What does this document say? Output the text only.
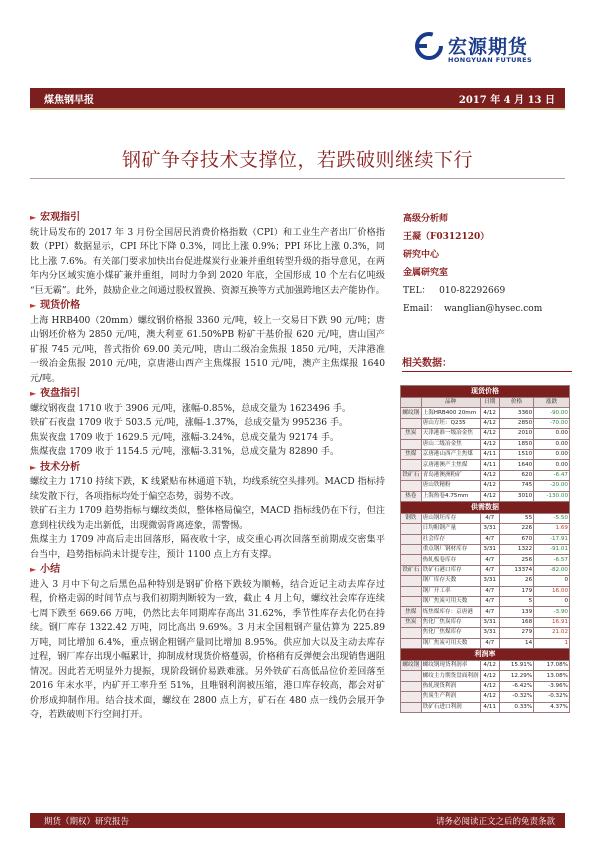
宏源期货
HONGYUAN FUTURES
煤焦钢早报	2017 年 4 月 13 日
钢矿争夺技术支撑位，若跌破则继续下行

► 宏观指引

统计局发布的 2017 年 3 月份全国居民消费价格指数（CPI）和工业生产者出厂价格指数（PPI）数据显示，CPI 环比下降 0.3%，同比上涨 0.9%；PPI 环比上涨 0.3%，同比上涨 7.6%。有关部门要求加快出台促进煤炭行业兼并重组转型升级的指导意见，在两年内分区域实施小煤矿兼并重组，同时力争到 2020 年底，全国形成 10 个左右亿吨级 “巨无霸”。此外，鼓励企业之间通过股权置换、资源互换等方式加强跨地区去产能协作。

► 现货价格

上海 HRB400（20mm）螺纹钢价格报 3360 元/吨，较上一交易日下跌 90 元/吨；唐山钢坯价格为 2850 元/吨，澳大利亚 61.50%PB 粉矿干基价报 620 元/吨，唐山国产矿报 745 元/吨，普式指价 69.00 美元/吨，唐山二级冶金焦报 1850 元/吨，天津港准一级冶金焦报 2010 元/吨，京唐港山西产主焦煤报 1510 元/吨，澳产主焦煤报 1640 元/吨。

► 夜盘指引

螺纹钢夜盘 1710 收于 3906 元/吨，涨幅-0.85%，总成交量为 1623496 手。

铁矿石夜盘 1709 收于 503.5 元/吨，涨幅-1.37%，总成交量为 995236 手。

焦炭夜盘 1709 收于 1629.5 元/吨，涨幅-3.24%，总成交量为 92174 手。

焦煤夜盘 1709 收于 1154.5 元/吨，涨幅-3.31%，总成交量为 82890 手。

► 技术分析

螺纹主力 1710 持续下跌，K 线紧贴布林通道下轨，均线系统空头排列。MACD 指标持续发散下行，各项指标均处于偏空态势，弱势不改。

铁矿石主力 1709 趋势指标与螺纹类似，整体格局偏空，MACD 指标线仍在下行，但注意到柱状线为走出新低，出现微弱背离迹象，需警惕。

焦煤主力 1709 冲高后走出回落形，隔夜收十字，成交重心再次回落至前期成交密集平台当中，趋势指标尚未计提专注，预计 1100 点上方有支撑。

► 小结

进入 3 月中下旬之后黑色品种特别是钢矿价格下跌较为顺畅，结合近记主动去库存过程，价格走弱的时间节点与我们初期判断较为一致，截止 4 月上旬，螺纹社会库存连续七周下跌至 669.66 万吨，仍然比去年同期库存高出 31.62%，季节性库存去化仍在持续。钢厂库存 1322.42 万吨，同比高出 9.69%。3 月末全国粗钢产量估算为 225.89 万吨，同比增加 6.4%，重点钢企粗钢产量同比增加 8.95%。供应加大以及主动去库存过程，钢厂库存出现小幅累计，抑制成材现货价格蔓弱，价格稍有反弹便会出现销售遇阻情况。因此若无明显外力提振，现阶段钢价易跌难涨。另外铁矿石高低品位价差回落至 2016 年末水平，内矿开工率升至 51%，且唯钢利润被压缩，港口库存较高，都会对矿价形成抑制作用。结合技术面，螺纹在 2800 点上方，矿石在 480 点一线仍会展开争夺，若跌破则下行空间打开。

高级分析师
王凝（F0312120）
研究中心
金属研究室
TEL： 010-82292669
Email： wanglian@hysec.com
相关数据：
现货价格				
	品种	日期	价格	涨跌
螺纹钢	上海HRB400 20mm	4/12	3360	-90.00
	唐山方坯：Q235	4/12	2850	-70.00
焦炭	天津港准一级冶金焦	4/12	2010	0.00
	唐山二级冶金焦	4/12	1850	0.00
焦煤	京唐港山西产主焦煤	4/11	1510	0.00
	京唐港澳产主焦煤	4/11	1640	0.00
铁矿石	青岛港澳洲粉矿	4/12	620	-6.47
	唐山铁精粉	4/12	745	-20.00
热卷	上海热卷4.75mm	4/12	3010	-130.00
供需数据				
钢铁	唐山钢坯库存	4/7	55	-5.50
	日均粗钢产量	3/31	226	1.69
	社会库存	4/7	670	-17.91
	重点钢厂钢材库存	3/31	1322	-91.01
	热轧板卷库存	4/7	256	-6.57
铁矿石	铁矿石港口库存	4/7	13374	-82.00
	钢厂库存天数	3/31	26	0
	钢厂开工率	4/7	179	16.00
	钢厂焦炭可用天数	4/7	5	0
焦煤	炼焦煤库存：京唐港	4/7	139	-3.90
焦炭	焦化厂焦炭库存	3/31	168	16.91
	焦化厂焦煤库存	3/31	279	21.02
	钢厂焦炭可用天数	4/7	14	1
利润率				
螺纹钢	螺纹钢现货利润率	4/12	15.91%	17.08%
	螺纹主力期货盘面利润	4/12	12.29%	13.08%
	热轧现货利润	4/12	-6.42%	-3.96%
	焦炭生产利润	4/12	-0.32%	-0.32%
	铁矿石进口利润	4/11	0.33%	4.37%
期货（期权）研究报告	请务必阅读正文之后的免责条款
